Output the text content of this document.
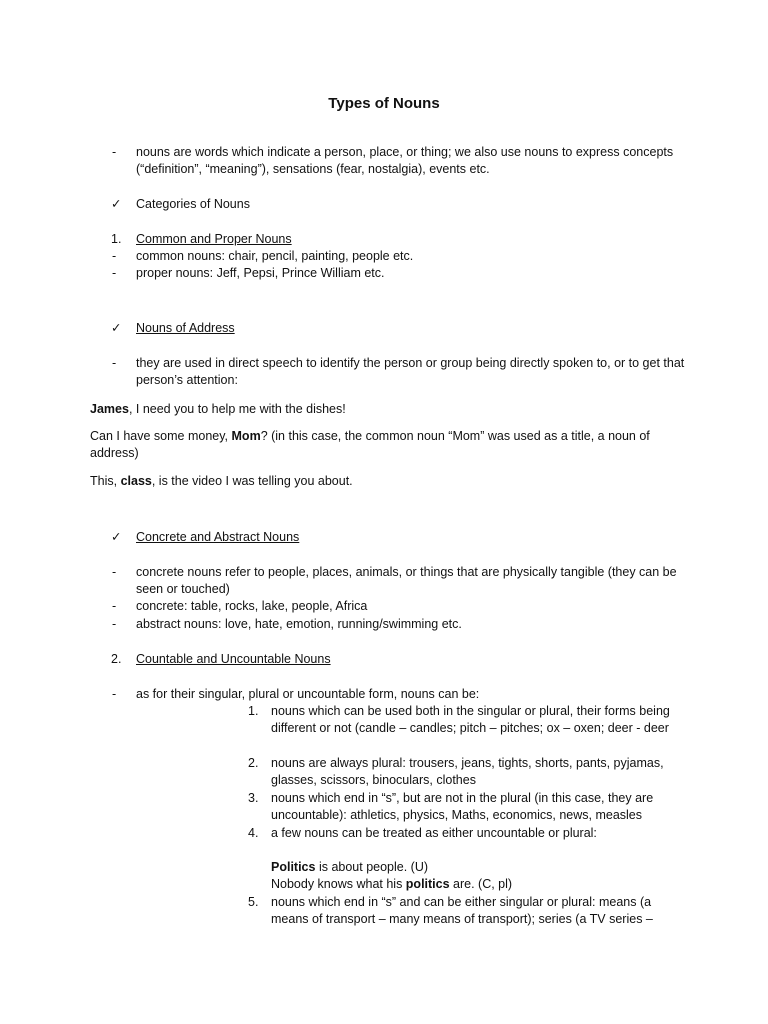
Types of Nouns
-	nouns are words which indicate a person, place, or thing; we also use nouns to express concepts (“definition”, “meaning”), sensations (fear, nostalgia), events etc.
✓	Categories of Nouns
1.	Common and Proper Nouns
-	common nouns: chair, pencil, painting, people etc.
-	proper nouns: Jeff, Pepsi, Prince William etc.
✓	Nouns of Address
-	they are used in direct speech to identify the person or group being directly spoken to, or to get that person’s attention:
James, I need you to help me with the dishes!
Can I have some money, Mom? (in this case, the common noun “Mom” was used as a title, a noun of address)
This, class, is the video I was telling you about.
✓	Concrete and Abstract Nouns
-	concrete nouns refer to people, places, animals, or things that are physically tangible (they can be seen or touched)
-	concrete: table, rocks, lake, people, Africa
-	abstract nouns: love, hate, emotion, running/swimming etc.
2.	Countable and Uncountable Nouns
-	as for their singular, plural or uncountable form, nouns can be:
1.	nouns which can be used both in the singular or plural, their forms being different or not (candle – candles; pitch – pitches; ox – oxen; deer - deer
2.	nouns are always plural: trousers, jeans, tights, shorts, pants, pyjamas, glasses, scissors, binoculars, clothes
3.	nouns which end in “s”, but are not in the plural (in this case, they are uncountable): athletics, physics, Maths, economics, news, measles
4.	a few nouns can be treated as either uncountable or plural:
Politics is about people. (U)
Nobody knows what his politics are. (C, pl)
5.	nouns which end in “s” and can be either singular or plural: means (a means of transport – many means of transport); series (a TV series –
